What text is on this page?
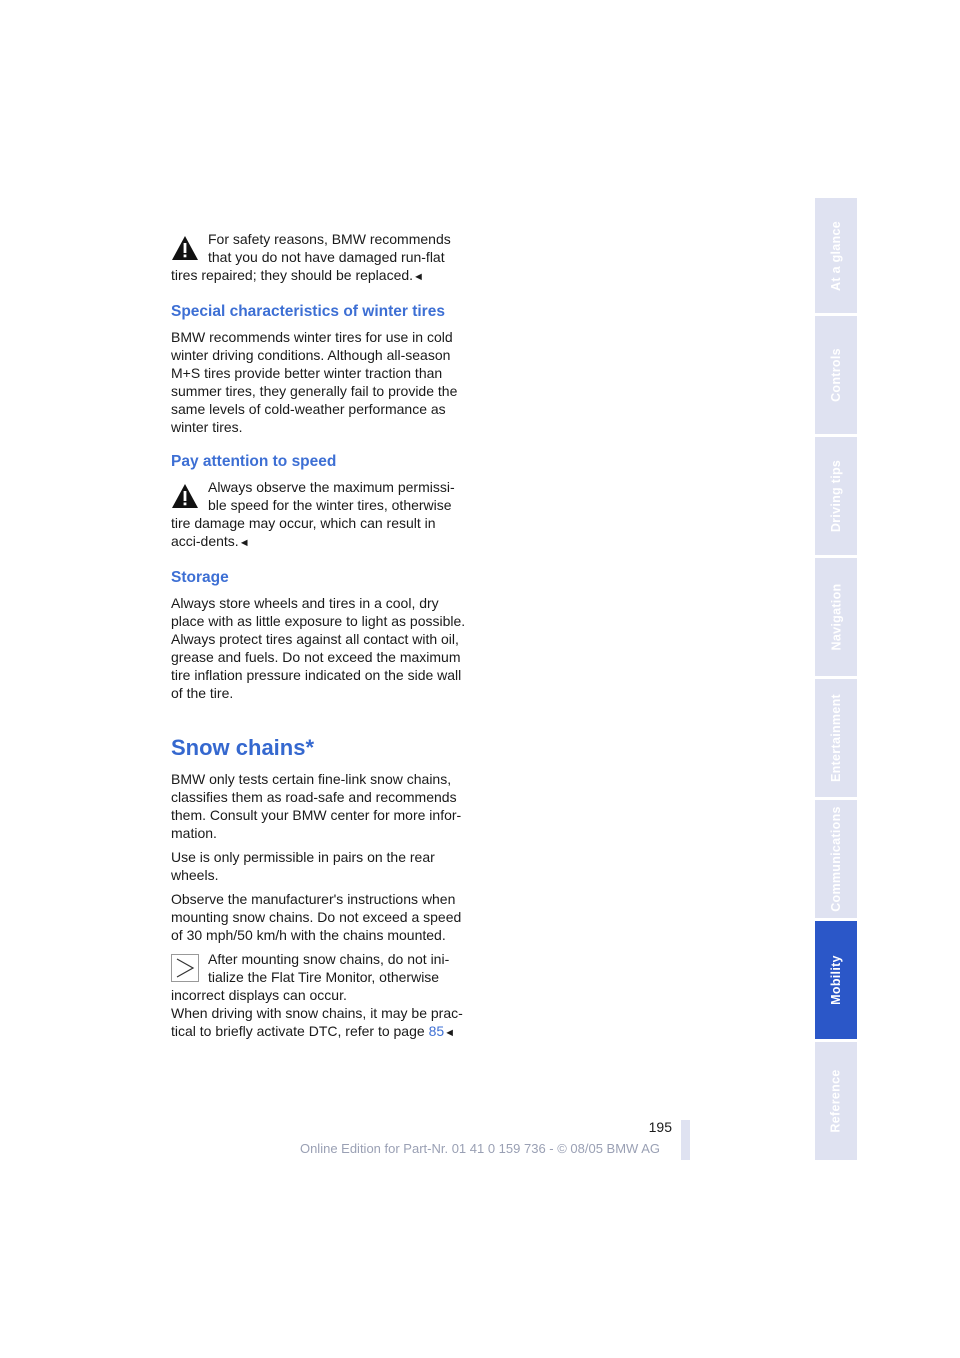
For safety reasons, BMW recommends that you do not have damaged run-flat tires repaired; they should be replaced.◄

Special characteristics of winter tires

BMW recommends winter tires for use in cold winter driving conditions. Although all-season M+S tires provide better winter traction than summer tires, they generally fail to provide the same levels of cold-weather performance as winter tires.

Pay attention to speed

Always observe the maximum permissi-ble speed for the winter tires, otherwise tire damage may occur, which can result in acci-dents.◄

Storage

Always store wheels and tires in a cool, dry place with as little exposure to light as possible. Always protect tires against all contact with oil, grease and fuels. Do not exceed the maximum tire inflation pressure indicated on the side wall of the tire.

Snow chains*

BMW only tests certain fine-link snow chains, classifies them as road-safe and recommends them. Consult your BMW center for more infor-mation.

Use is only permissible in pairs on the rear wheels.

Observe the manufacturer's instructions when mounting snow chains. Do not exceed a speed of 30 mph/50 km/h with the chains mounted.

After mounting snow chains, do not ini-tialize the Flat Tire Monitor, otherwise incorrect displays can occur.

When driving with snow chains, it may be prac-tical to briefly activate DTC, refer to page 85◄

At a glance
Controls
Driving tips
Navigation
Entertainment
Communications
Mobility
Reference
195
Online Edition for Part-Nr. 01 41 0 159 736 - © 08/05 BMW AG
